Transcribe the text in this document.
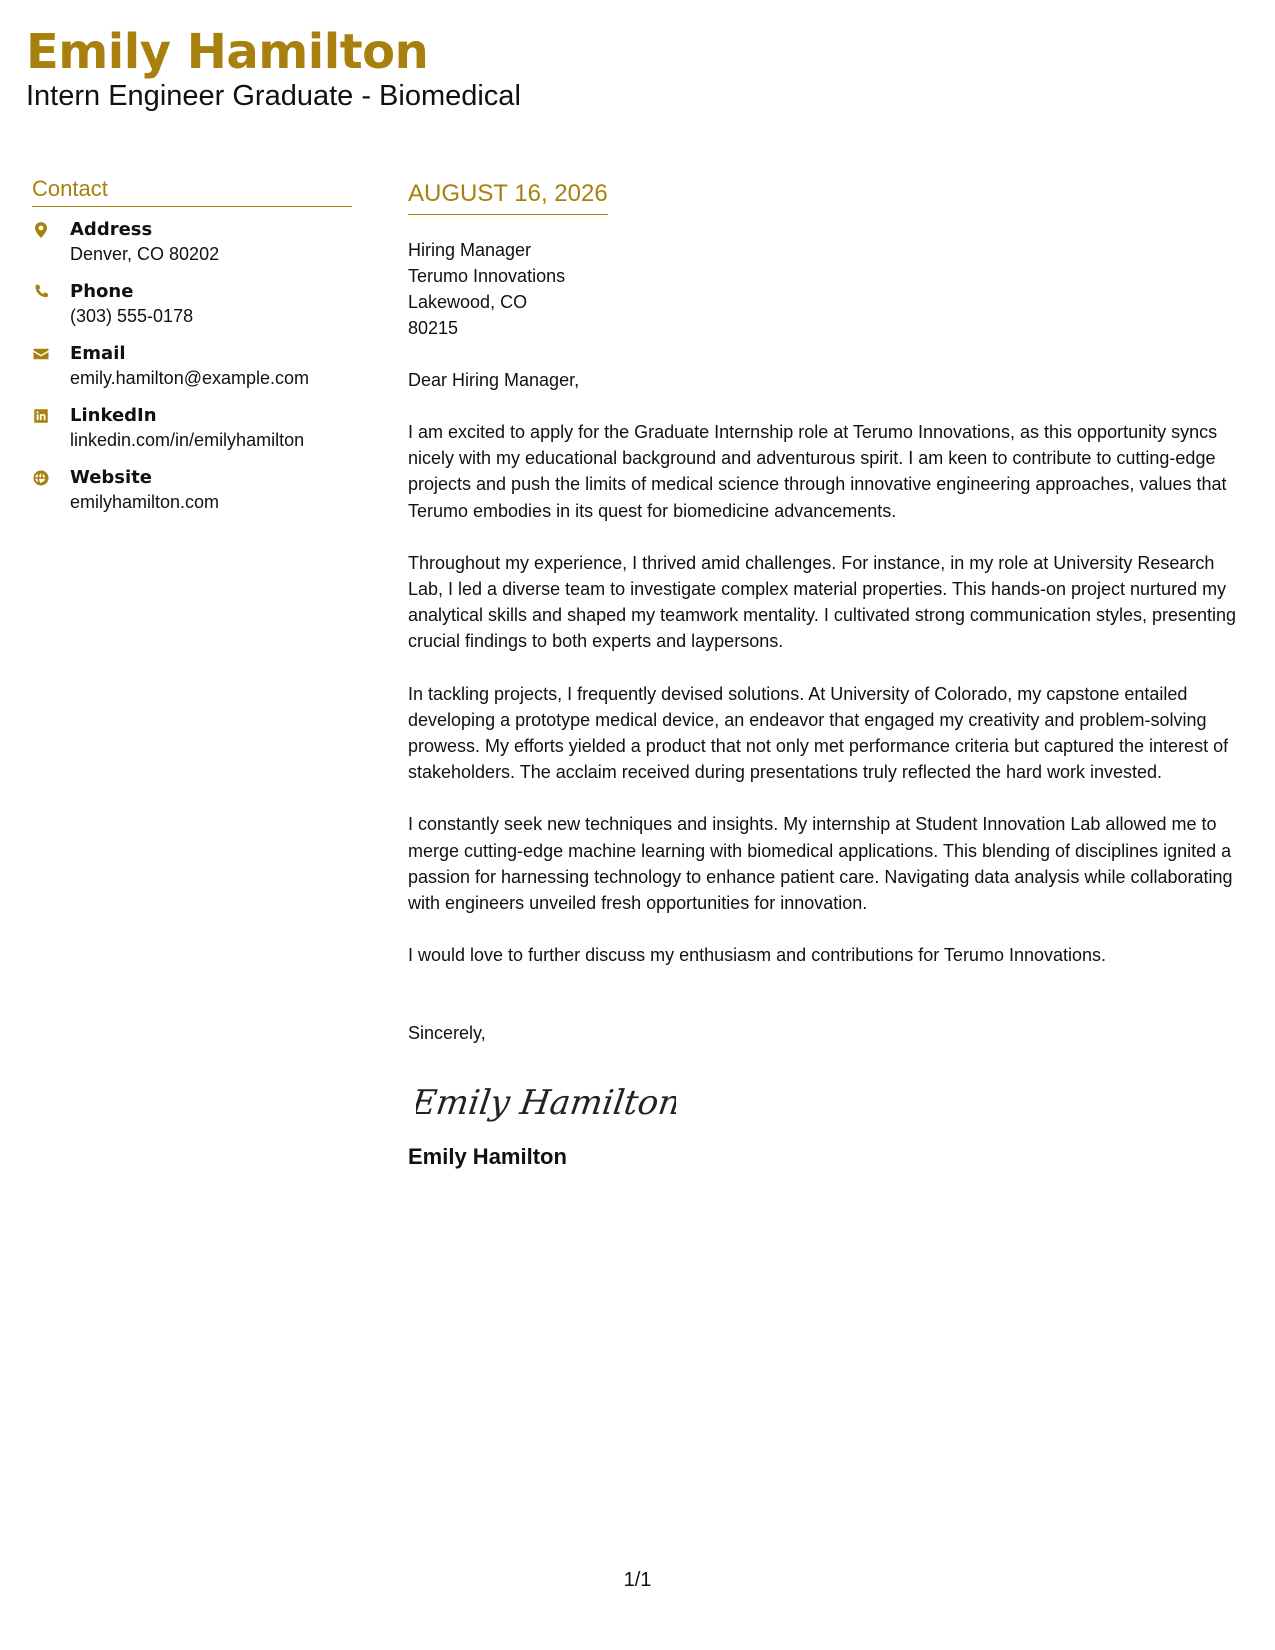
Emily Hamilton
Intern Engineer Graduate - Biomedical
Contact
Address
Denver, CO 80202
Phone
(303) 555-0178
Email
emily.hamilton@example.com
LinkedIn
linkedin.com/in/emilyhamilton
Website
emilyhamilton.com
AUGUST 16, 2026
Hiring Manager
Terumo Innovations
Lakewood, CO
80215
Dear Hiring Manager,
I am excited to apply for the Graduate Internship role at Terumo Innovations, as this opportunity syncs nicely with my educational background and adventurous spirit. I am keen to contribute to cutting-edge projects and push the limits of medical science through innovative engineering approaches, values that Terumo embodies in its quest for biomedicine advancements.
Throughout my experience, I thrived amid challenges. For instance, in my role at University Research Lab, I led a diverse team to investigate complex material properties. This hands-on project nurtured my analytical skills and shaped my teamwork mentality. I cultivated strong communication styles, presenting crucial findings to both experts and laypersons.
In tackling projects, I frequently devised solutions. At University of Colorado, my capstone entailed developing a prototype medical device, an endeavor that engaged my creativity and problem-solving prowess. My efforts yielded a product that not only met performance criteria but captured the interest of stakeholders. The acclaim received during presentations truly reflected the hard work invested.
I constantly seek new techniques and insights. My internship at Student Innovation Lab allowed me to merge cutting-edge machine learning with biomedical applications. This blending of disciplines ignited a passion for harnessing technology to enhance patient care. Navigating data analysis while collaborating with engineers unveiled fresh opportunities for innovation.
I would love to further discuss my enthusiasm and contributions for Terumo Innovations.
Sincerely,
Emily Hamilton
Emily Hamilton
1/1
